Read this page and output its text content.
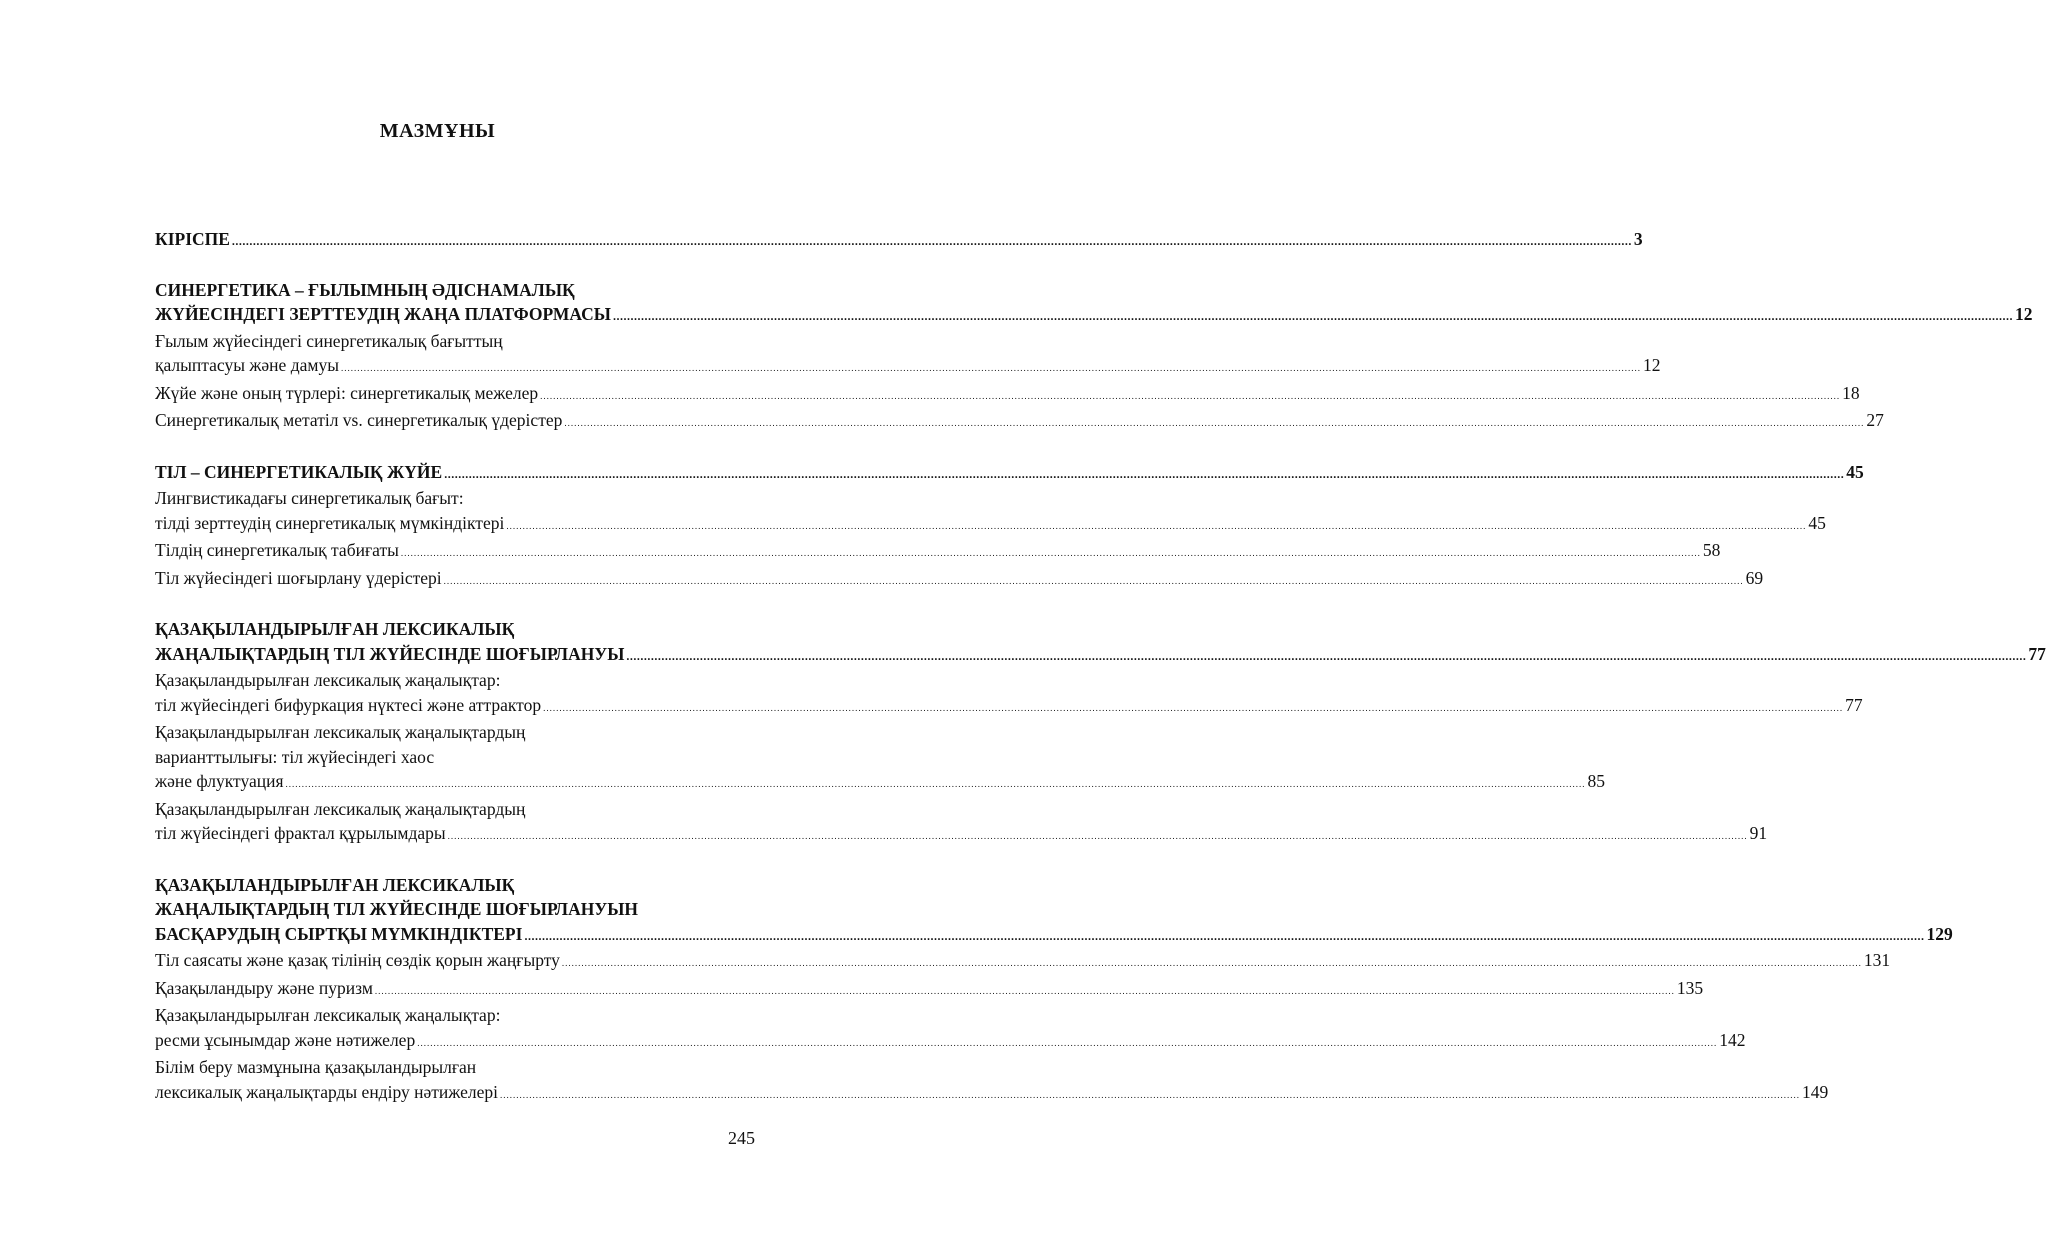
МАЗМҰНЫ
КІРІСПЕ ................................................................................................................................................................................................................................................................................................................................................................................................................ 3
СИНЕРГЕТИКА – ҒЫЛЫМНЫҢ ӘДІСНАМАЛЫҚ
ЖҮЙЕСІНДЕГІ ЗЕРТТЕУДІҢ ЖАҢА ПЛАТФОРМАСЫ ................................................................................................................................................................................................................................................................................................................................................................................................................ 12
Ғылым жүйесіндегі синергетикалық бағыттың
қалыптасуы және дамуы ................................................................................................................................................................................................................................................................................................................................................................................................................ 12
Жүйе және оның түрлері: синергетикалық межелер ................................................................................................................................................................................................................................................................................................................................................................................................................ 18
Синергетикалық метатіл vs. синергетикалық үдерістер ................................................................................................................................................................................................................................................................................................................................................................................................................ 27
ТІЛ – СИНЕРГЕТИКАЛЫҚ ЖҮЙЕ ................................................................................................................................................................................................................................................................................................................................................................................................................ 45
Лингвистикадағы синергетикалық бағыт:
тілді зерттеудің синергетикалық мүмкіндіктері ................................................................................................................................................................................................................................................................................................................................................................................................................ 45
Тілдің синергетикалық табиғаты ................................................................................................................................................................................................................................................................................................................................................................................................................ 58
Тіл жүйесіндегі шоғырлану үдерістері ................................................................................................................................................................................................................................................................................................................................................................................................................ 69
ҚАЗАҚЫЛАНДЫРЫЛҒАН ЛЕКСИКАЛЫҚ
ЖАҢАЛЫҚТАРДЫҢ ТІЛ ЖҮЙЕСІНДЕ ШОҒЫРЛАНУЫ ................................................................................................................................................................................................................................................................................................................................................................................................................ 77
Қазақыландырылған лексикалық жаңалықтар:
тіл жүйесіндегі бифуркация нүктесі және аттрактор ................................................................................................................................................................................................................................................................................................................................................................................................................ 77
Қазақыландырылған лексикалық жаңалықтардың
варианттылығы: тіл жүйесіндегі хаос
және флуктуация ................................................................................................................................................................................................................................................................................................................................................................................................................ 85
Қазақыландырылған лексикалық жаңалықтардың
тіл жүйесіндегі фрактал құрылымдары ................................................................................................................................................................................................................................................................................................................................................................................................................ 91
ҚАЗАҚЫЛАНДЫРЫЛҒАН ЛЕКСИКАЛЫҚ
ЖАҢАЛЫҚТАРДЫҢ ТІЛ ЖҮЙЕСІНДЕ ШОҒЫРЛАНУЫН
БАСҚАРУДЫҢ СЫРТҚЫ МҮМКІНДІКТЕРІ ................................................................................................................................................................................................................................................................................................................................................................................................................ 129
Тіл саясаты және қазақ тілінің сөздік қорын жаңғырту ................................................................................................................................................................................................................................................................................................................................................................................................................ 131
Қазақыландыру және пуризм ................................................................................................................................................................................................................................................................................................................................................................................................................ 135
Қазақыландырылған лексикалық жаңалықтар:
ресми ұсынымдар және нәтижелер ................................................................................................................................................................................................................................................................................................................................................................................................................ 142
Білім беру мазмұнына қазақыландырылған
лексикалық жаңалықтарды ендіру нәтижелері ................................................................................................................................................................................................................................................................................................................................................................................................................ 149
245
